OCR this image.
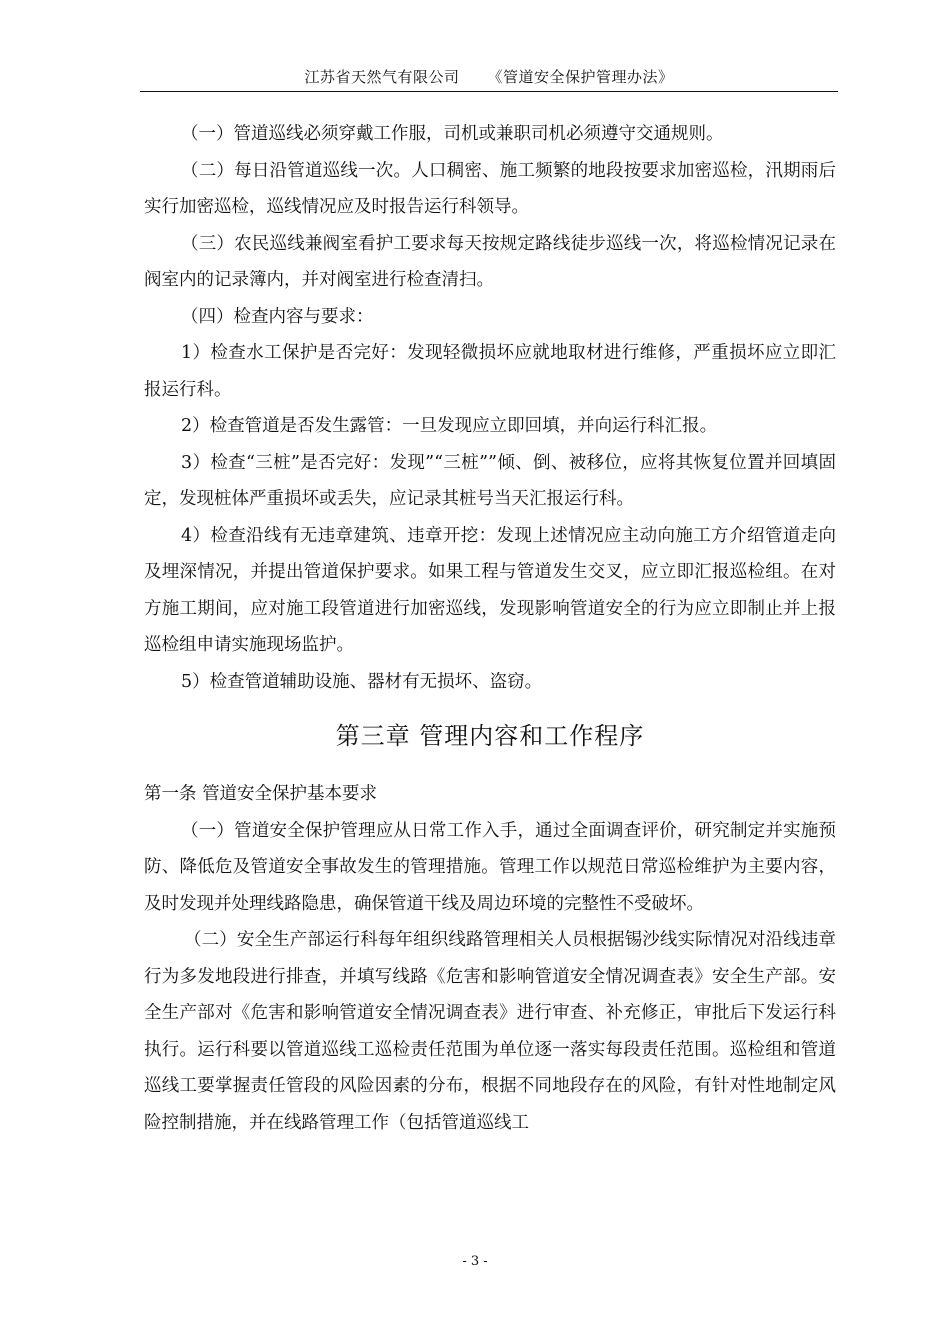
江苏省天然气有限公司 《管道安全保护管理办法》

（一）管道巡线必须穿戴工作服，司机或兼职司机必须遵守交通规则。

（二）每日沿管道巡线一次。人口稠密、施工频繁的地段按要求加密巡检，汛期雨后实行加密巡检，巡线情况应及时报告运行科领导。

（三）农民巡线兼阀室看护工要求每天按规定路线徒步巡线一次，将巡检情况记录在阀室内的记录簿内，并对阀室进行检查清扫。

（四）检查内容与要求：

1）检查水工保护是否完好：发现轻微损坏应就地取材进行维修，严重损坏应立即汇报运行科。

2）检查管道是否发生露管：一旦发现应立即回填，并向运行科汇报。

3）检查“三桩”是否完好：发现”“三桩””倾、倒、被移位，应将其恢复位置并回填固定，发现桩体严重损坏或丢失，应记录其桩号当天汇报运行科。

4）检查沿线有无违章建筑、违章开挖：发现上述情况应主动向施工方介绍管道走向及埋深情况，并提出管道保护要求。如果工程与管道发生交叉，应立即汇报巡检组。在对方施工期间，应对施工段管道进行加密巡线，发现影响管道安全的行为应立即制止并上报巡检组申请实施现场监护。

5）检查管道辅助设施、器材有无损坏、盗窃。

第三章 管理内容和工作程序

第一条 管道安全保护基本要求

（一）管道安全保护管理应从日常工作入手，通过全面调查评价，研究制定并实施预防、降低危及管道安全事故发生的管理措施。管理工作以规范日常巡检维护为主要内容，及时发现并处理线路隐患，确保管道干线及周边环境的完整性不受破坏。

（二）安全生产部运行科每年组织线路管理相关人员根据锡沙线实际情况对沿线违章行为多发地段进行排查，并填写线路《危害和影响管道安全情况调查表》安全生产部。安全生产部对《危害和影响管道安全情况调查表》进行审查、补充修正，审批后下发运行科执行。运行科要以管道巡线工巡检责任范围为单位逐一落实每段责任范围。巡检组和管道巡线工要掌握责任管段的风险因素的分布，根据不同地段存在的风险，有针对性地制定风险控制措施，并在线路管理工作（包括管道巡线工

- 3 -
